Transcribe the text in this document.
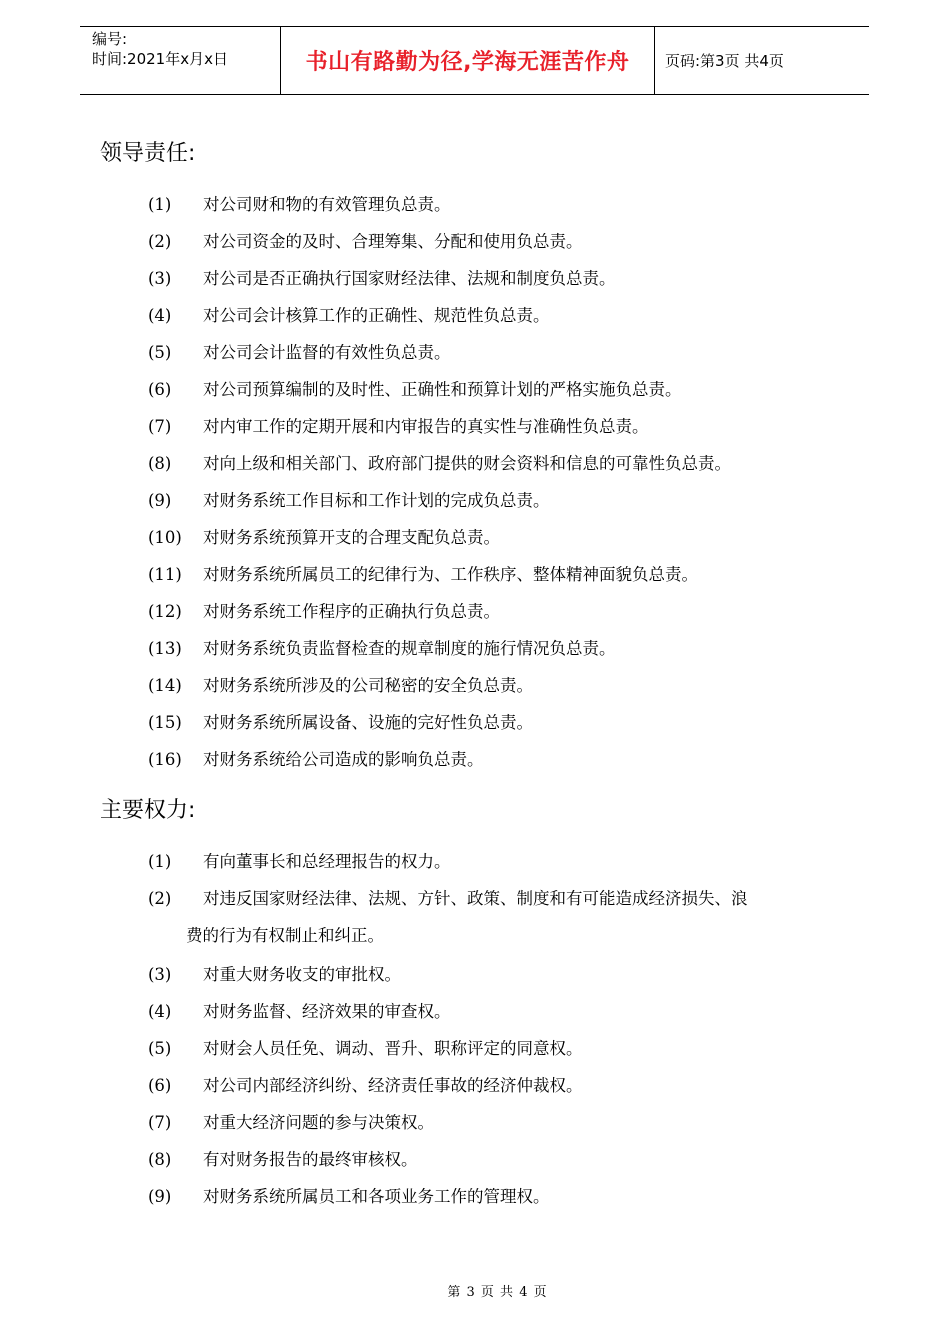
编号:
时间:2021年x月x日	书山有路勤为径,学海无涯苦作舟	页码:第3页 共4页
领导责任:
(1) 对公司财和物的有效管理负总责。
(2) 对公司资金的及时、合理筹集、分配和使用负总责。
(3) 对公司是否正确执行国家财经法律、法规和制度负总责。
(4) 对公司会计核算工作的正确性、规范性负总责。
(5) 对公司会计监督的有效性负总责。
(6) 对公司预算编制的及时性、正确性和预算计划的严格实施负总责。
(7) 对内审工作的定期开展和内审报告的真实性与准确性负总责。
(8) 对向上级和相关部门、政府部门提供的财会资料和信息的可靠性负总责。
(9) 对财务系统工作目标和工作计划的完成负总责。
(10) 对财务系统预算开支的合理支配负总责。
(11) 对财务系统所属员工的纪律行为、工作秩序、整体精神面貌负总责。
(12) 对财务系统工作程序的正确执行负总责。
(13) 对财务系统负责监督检查的规章制度的施行情况负总责。
(14) 对财务系统所涉及的公司秘密的安全负总责。
(15) 对财务系统所属设备、设施的完好性负总责。
(16) 对财务系统给公司造成的影响负总责。
主要权力:
(1) 有向董事长和总经理报告的权力。
(2) 对违反国家财经法律、法规、方针、政策、制度和有可能造成经济损失、浪
费的行为有权制止和纠正。
(3) 对重大财务收支的审批权。
(4) 对财务监督、经济效果的审查权。
(5) 对财会人员任免、调动、晋升、职称评定的同意权。
(6) 对公司内部经济纠纷、经济责任事故的经济仲裁权。
(7) 对重大经济问题的参与决策权。
(8) 有对财务报告的最终审核权。
(9) 对财务系统所属员工和各项业务工作的管理权。
第 3 页 共 4 页
